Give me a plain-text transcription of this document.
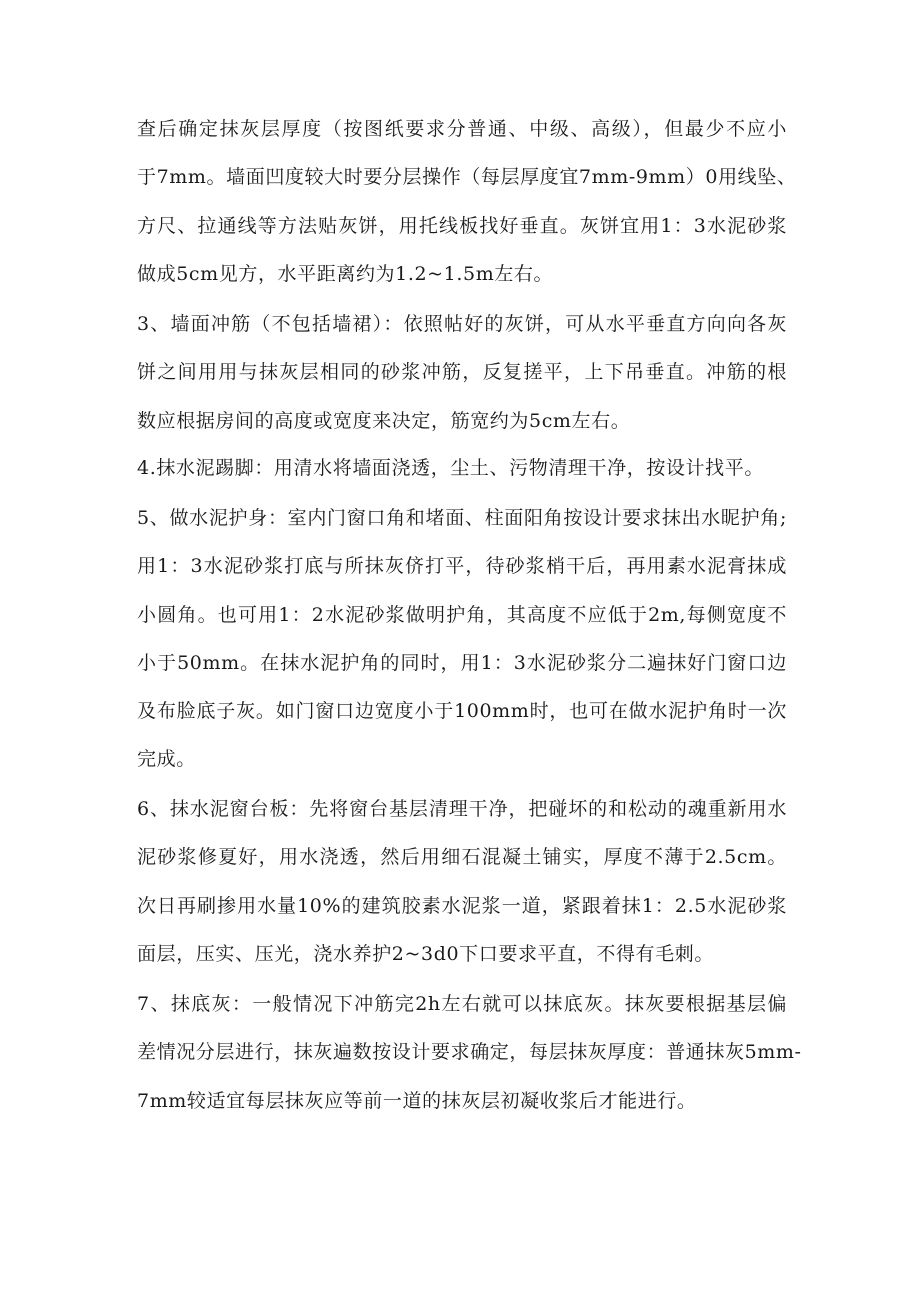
查后确定抹灰层厚度（按图纸要求分普通、中级、高级），但最少不应小
于7mm。墙面凹度较大时要分层操作（每层厚度宜7mm-9mm）0用线坠、
方尺、拉通线等方法贴灰饼，用托线板找好垂直。灰饼宜用1：3水泥砂浆
做成5cm见方，水平距离约为1.2~1.5m左右。
3、墙面冲筋（不包括墙裙）：依照帖好的灰饼，可从水平垂直方向向各灰
饼之间用用与抹灰层相同的砂浆冲筋，反复搓平，上下吊垂直。冲筋的根
数应根据房间的高度或宽度来决定，筋宽约为5cm左右。
4.抹水泥踢脚：用清水将墙面浇透，尘土、污物清理干净，按设计找平。
5、做水泥护身：室内门窗口角和堵面、柱面阳角按设计要求抹出水昵护角;
用1：3水泥砂浆打底与所抹灰侪打平，待砂浆梢干后，再用素水泥膏抹成
小圆角。也可用1：2水泥砂浆做明护角，其高度不应低于2m,每侧宽度不
小于50mm。在抹水泥护角的同时，用1：3水泥砂浆分二遍抹好门窗口边
及布脸底子灰。如门窗口边宽度小于100mm时，也可在做水泥护角时一次
完成。
6、抹水泥窗台板：先将窗台基层清理干净，把碰坏的和松动的魂重新用水
泥砂浆修夏好，用水浇透，然后用细石混凝土铺实，厚度不薄于2.5cm。
次日再刷掺用水量10%的建筑胶素水泥浆一道，紧跟着抹1：2.5水泥砂浆
面层，压实、压光，浇水养护2~3d0下口要求平直，不得有毛刺。
7、抹底灰：一般情况下冲筋完2h左右就可以抹底灰。抹灰要根据基层偏
差情况分层进行，抹灰遍数按设计要求确定，每层抹灰厚度：普通抹灰5mm-
7mm较适宜每层抹灰应等前一道的抹灰层初凝收浆后才能进行。
